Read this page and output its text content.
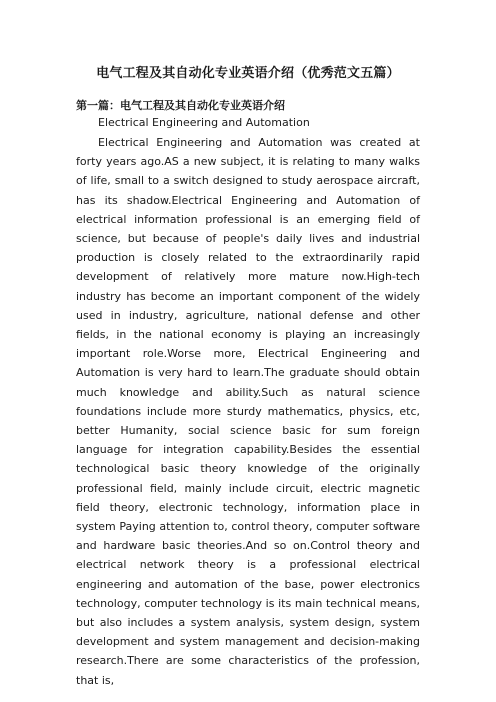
电气工程及其自动化专业英语介绍（优秀范文五篇）
第一篇：电气工程及其自动化专业英语介绍
Electrical Engineering and Automation

Electrical Engineering and Automation was created at forty years ago.AS a new subject, it is relating to many walks of life, small to a switch designed to study aerospace aircraft, has its shadow.Electrical Engineering and Automation of electrical information professional is an emerging field of science, but because of people's daily lives and industrial production is closely related to the extraordinarily rapid development of relatively more mature now.High-tech industry has become an important component of the widely used in industry, agriculture, national defense and other fields, in the national economy is playing an increasingly important role.Worse more, Electrical Engineering and Automation is very hard to learn.The graduate should obtain much knowledge and ability.Such as natural science foundations include more sturdy mathematics, physics, etc, better Humanity, social science basic for sum foreign language for integration capability.Besides the essential technological basic theory knowledge of the originally professional field, mainly include circuit, electric magnetic field theory, electronic technology, information place in system Paying attention to, control theory, computer software and hardware basic theories.And so on.Control theory and electrical network theory is a professional electrical engineering and automation of the base, power electronics technology, computer technology is its main technical means, but also includes a system analysis, system design, system development and system management and decision-making research.There are some characteristics of the profession, that is,
